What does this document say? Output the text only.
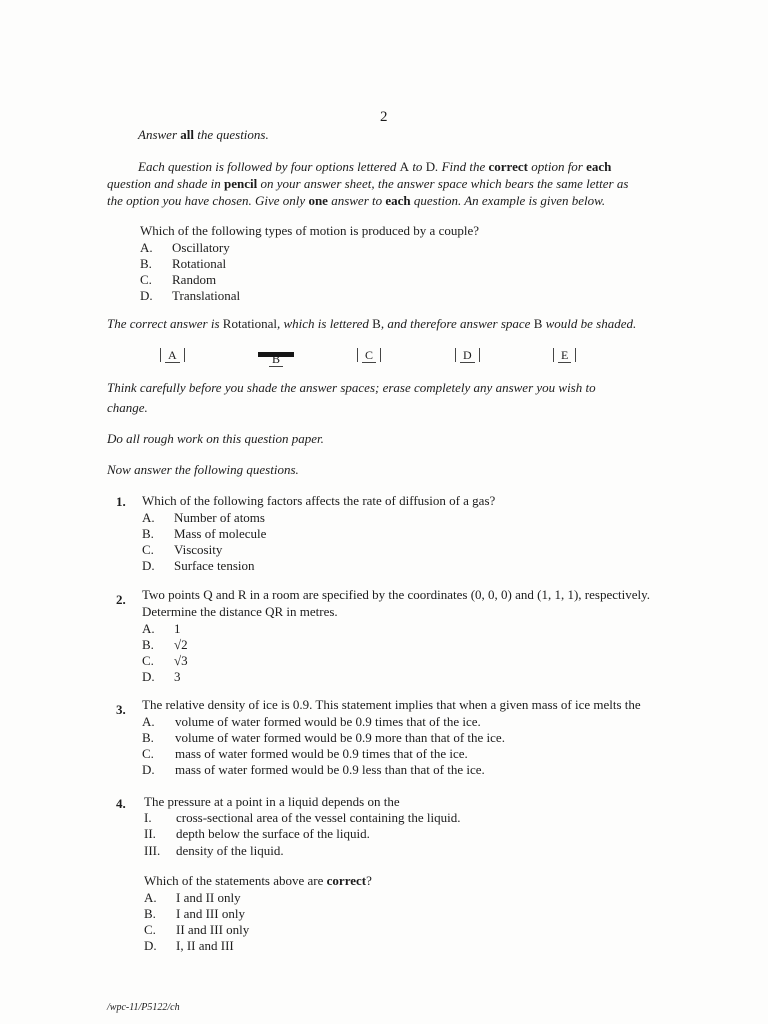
2
Answer all the questions.
Each question is followed by four options lettered A to D. Find the correct option for each
question and shade in pencil on your answer sheet, the answer space which bears the same letter as
the option you have chosen. Give only one answer to each question. An example is given below.
Which of the following types of motion is produced by a couple?
A. Oscillatory
B. Rotational
C. Random
D. Translational
The correct answer is Rotational, which is lettered B, and therefore answer space B would be shaded.
A	B	C	D	E
Think carefully before you shade the answer spaces; erase completely any answer you wish to
change.
Do all rough work on this question paper.
Now answer the following questions.
1. Which of the following factors affects the rate of diffusion of a gas?
A. Number of atoms
B. Mass of molecule
C. Viscosity
D. Surface tension
2. Two points Q and R in a room are specified by the coordinates (0, 0, 0) and (1, 1, 1), respectively.
Determine the distance QR in metres.
A. 1
B. √2
C. √3
D. 3
3. The relative density of ice is 0.9. This statement implies that when a given mass of ice melts the
A. volume of water formed would be 0.9 times that of the ice.
B. volume of water formed would be 0.9 more than that of the ice.
C. mass of water formed would be 0.9 times that of the ice.
D. mass of water formed would be 0.9 less than that of the ice.
4. The pressure at a point in a liquid depends on the
I. cross-sectional area of the vessel containing the liquid.
II. depth below the surface of the liquid.
III. density of the liquid.
Which of the statements above are correct?
A. I and II only
B. I and III only
C. II and III only
D. I, II and III
/wpc-11/P5122/ch
